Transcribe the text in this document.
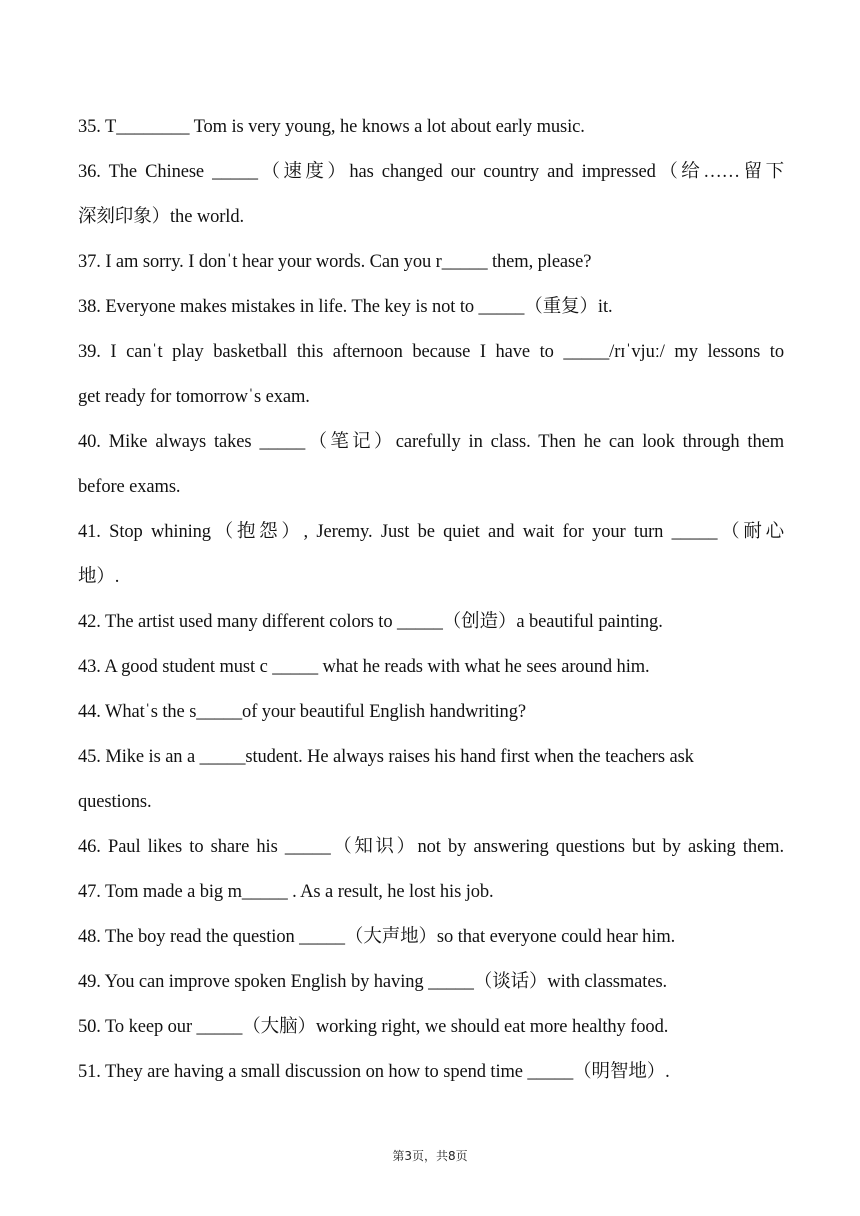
35. T________ Tom is very young, he knows a lot about early music.
36. The Chinese _____（速度）has changed our country and impressed（给……留下
深刻印象）the world.
37. I am sorry. I donˈt hear your words. Can you r_____ them, please?
38. Everyone makes mistakes in life. The key is not to _____（重复）it.
39. I canˈt play basketball this afternoon because I have to _____/rɪˈvjuː/ my lessons to
get ready for tomorrowˈs exam.
40. Mike always takes _____（笔记）carefully in class. Then he can look through them
before exams.
41. Stop whining（抱怨）, Jeremy. Just be quiet and wait for your turn _____（耐心
地）.
42. The artist used many different colors to _____（创造）a beautiful painting.
43. A good student must c _____ what he reads with what he sees around him.
44. Whatˈs the s_____of your beautiful English handwriting?
45. Mike is an a _____student. He always raises his hand first when the teachers ask
questions.
46. Paul likes to share his _____（知识）not by answering questions but by asking them.
47. Tom made a big m_____ . As a result, he lost his job.
48. The boy read the question _____（大声地）so that everyone could hear him.
49. You can improve spoken English by having _____（谈话）with classmates.
50. To keep our _____（大脑）working right, we should eat more healthy food.
51. They are having a small discussion on how to spend time _____（明智地）.
第3页，共8页
